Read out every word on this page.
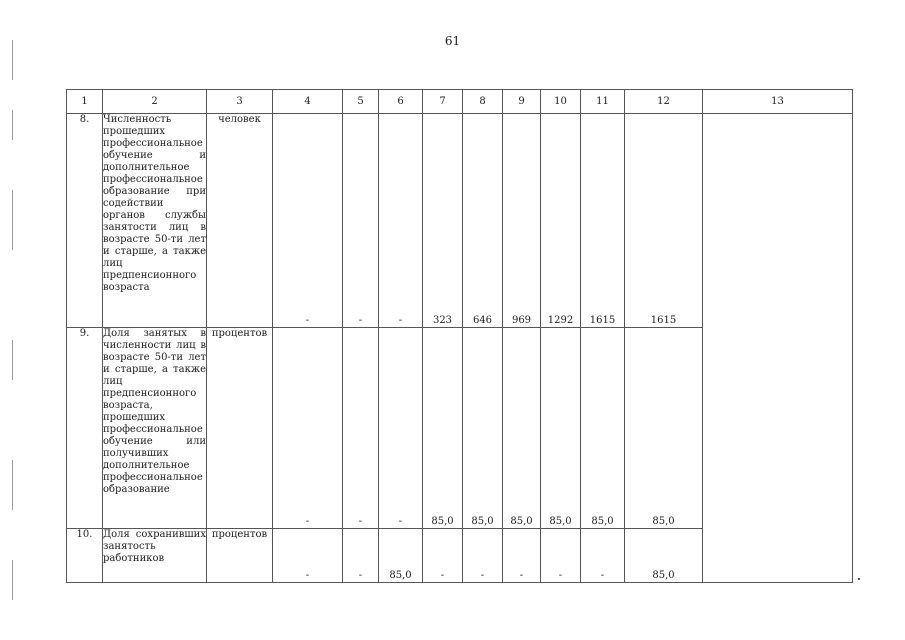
61
1	2	3	4	5	6	7	8	9	10	11	12	13
8.	Численность прошедших профессиональное обучение и дополнительное профессиональное образование при содействии органов службы занятости лиц в возрасте 50-ти лет и старше, а также лиц предпенсионного возраста	человек	-	-	-	323	646	969	1292	1615	1615	
9.	Доля занятых в численности лиц в возрасте 50-ти лет и старше, а также лиц предпенсионного возраста, прошедших профессиональное обучение или получивших дополнительное профессиональное образование	процентов	-	-	-	85,0	85,0	85,0	85,0	85,0	85,0	
10.	Доля сохранивших занятость работников	процентов	-	-	85,0	-	-	-	-	-	85,0	
